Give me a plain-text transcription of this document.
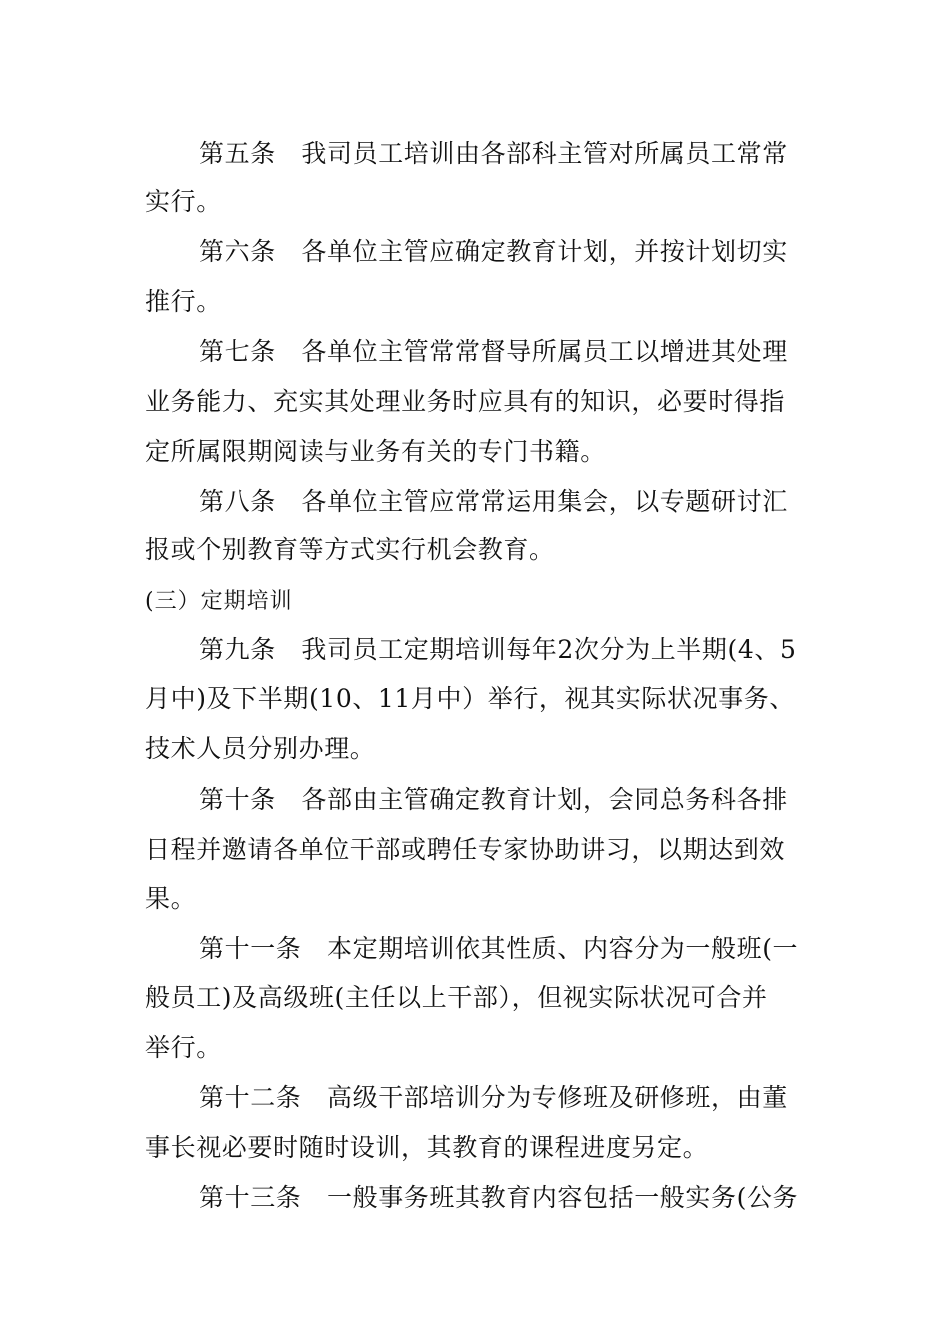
第五条　我司员工培训由各部科主管对所属员工常常
实行。
第六条　各单位主管应确定教育计划，并按计划切实
推行。
第七条　各单位主管常常督导所属员工以增进其处理
业务能力、充实其处理业务时应具有的知识，必要时得指
定所属限期阅读与业务有关的专门书籍。
第八条　各单位主管应常常运用集会，以专题研讨汇
报或个别教育等方式实行机会教育。
(三）定期培训
第九条　我司员工定期培训每年2次分为上半期(4、5
月中)及下半期(10、11月中）举行，视其实际状况事务、
技术人员分别办理。
第十条　各部由主管确定教育计划，会同总务科各排
日程并邀请各单位干部或聘任专家协助讲习，以期达到效
果。
第十一条　本定期培训依其性质、内容分为一般班(一
般员工)及高级班(主任以上干部），但视实际状况可合并
举行。
第十二条　高级干部培训分为专修班及研修班，由董
事长视必要时随时设训，其教育的课程进度另定。
第十三条　一般事务班其教育内容包括一般实务(公务
